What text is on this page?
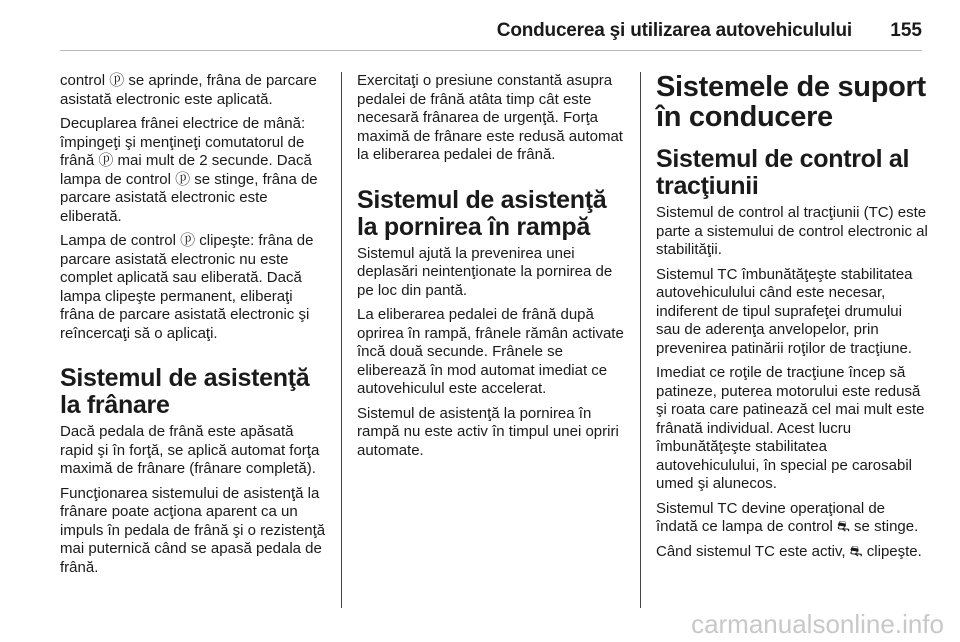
Conducerea şi utilizarea autovehiculului 155

control ⓟ se aprinde, frâna de parcare asistată electronic este aplicată.

Decuplarea frânei electrice de mână: împingeţi şi menţineţi comutatorul de frână ⓟ mai mult de 2 secunde. Dacă lampa de control ⓟ se stinge, frâna de parcare asistată electronic este eliberată.

Lampa de control ⓟ clipeşte: frâna de parcare asistată electronic nu este complet aplicată sau eliberată. Dacă lampa clipeşte permanent, eliberaţi frâna de parcare asistată electronic şi reîncercaţi să o aplicaţi.

Sistemul de asistenţă la frânare

Dacă pedala de frână este apăsată rapid şi în forţă, se aplică automat forţa maximă de frânare (frânare completă).

Funcţionarea sistemului de asistenţă la frânare poate acţiona aparent ca un impuls în pedala de frână şi o rezistenţă mai puternică când se apasă pedala de frână.

Exercitaţi o presiune constantă asupra pedalei de frână atâta timp cât este necesară frânarea de urgenţă. Forţa maximă de frânare este redusă automat la eliberarea pedalei de frână.

Sistemul de asistenţă la pornirea în rampă

Sistemul ajută la prevenirea unei deplasări neintenţionate la pornirea de pe loc din pantă.

La eliberarea pedalei de frână după oprirea în rampă, frânele rămân activate încă două secunde. Frânele se eliberează în mod automat imediat ce autovehiculul este accelerat.

Sistemul de asistenţă la pornirea în rampă nu este activ în timpul unei opriri automate.

Sistemele de suport în conducere
Sistemul de control al tracţiunii

Sistemul de control al tracţiunii (TC) este parte a sistemului de control electronic al stabilităţii.

Sistemul TC îmbunătăţeşte stabilitatea autovehiculului când este necesar, indiferent de tipul suprafeţei drumului sau de aderenţa anvelopelor, prin prevenirea patinării roţilor de tracţiune.

Imediat ce roţile de tracţiune încep să patineze, puterea motorului este redusă şi roata care patinează cel mai mult este frânată individual. Acest lucru îmbunătăţeşte stabilitatea autovehiculului, în special pe carosabil umed şi alunecos.

Sistemul TC devine operaţional de îndată ce lampa de control ⛐ se stinge.

Când sistemul TC este activ, ⛐ clipeşte.

carmanualsonline.info
